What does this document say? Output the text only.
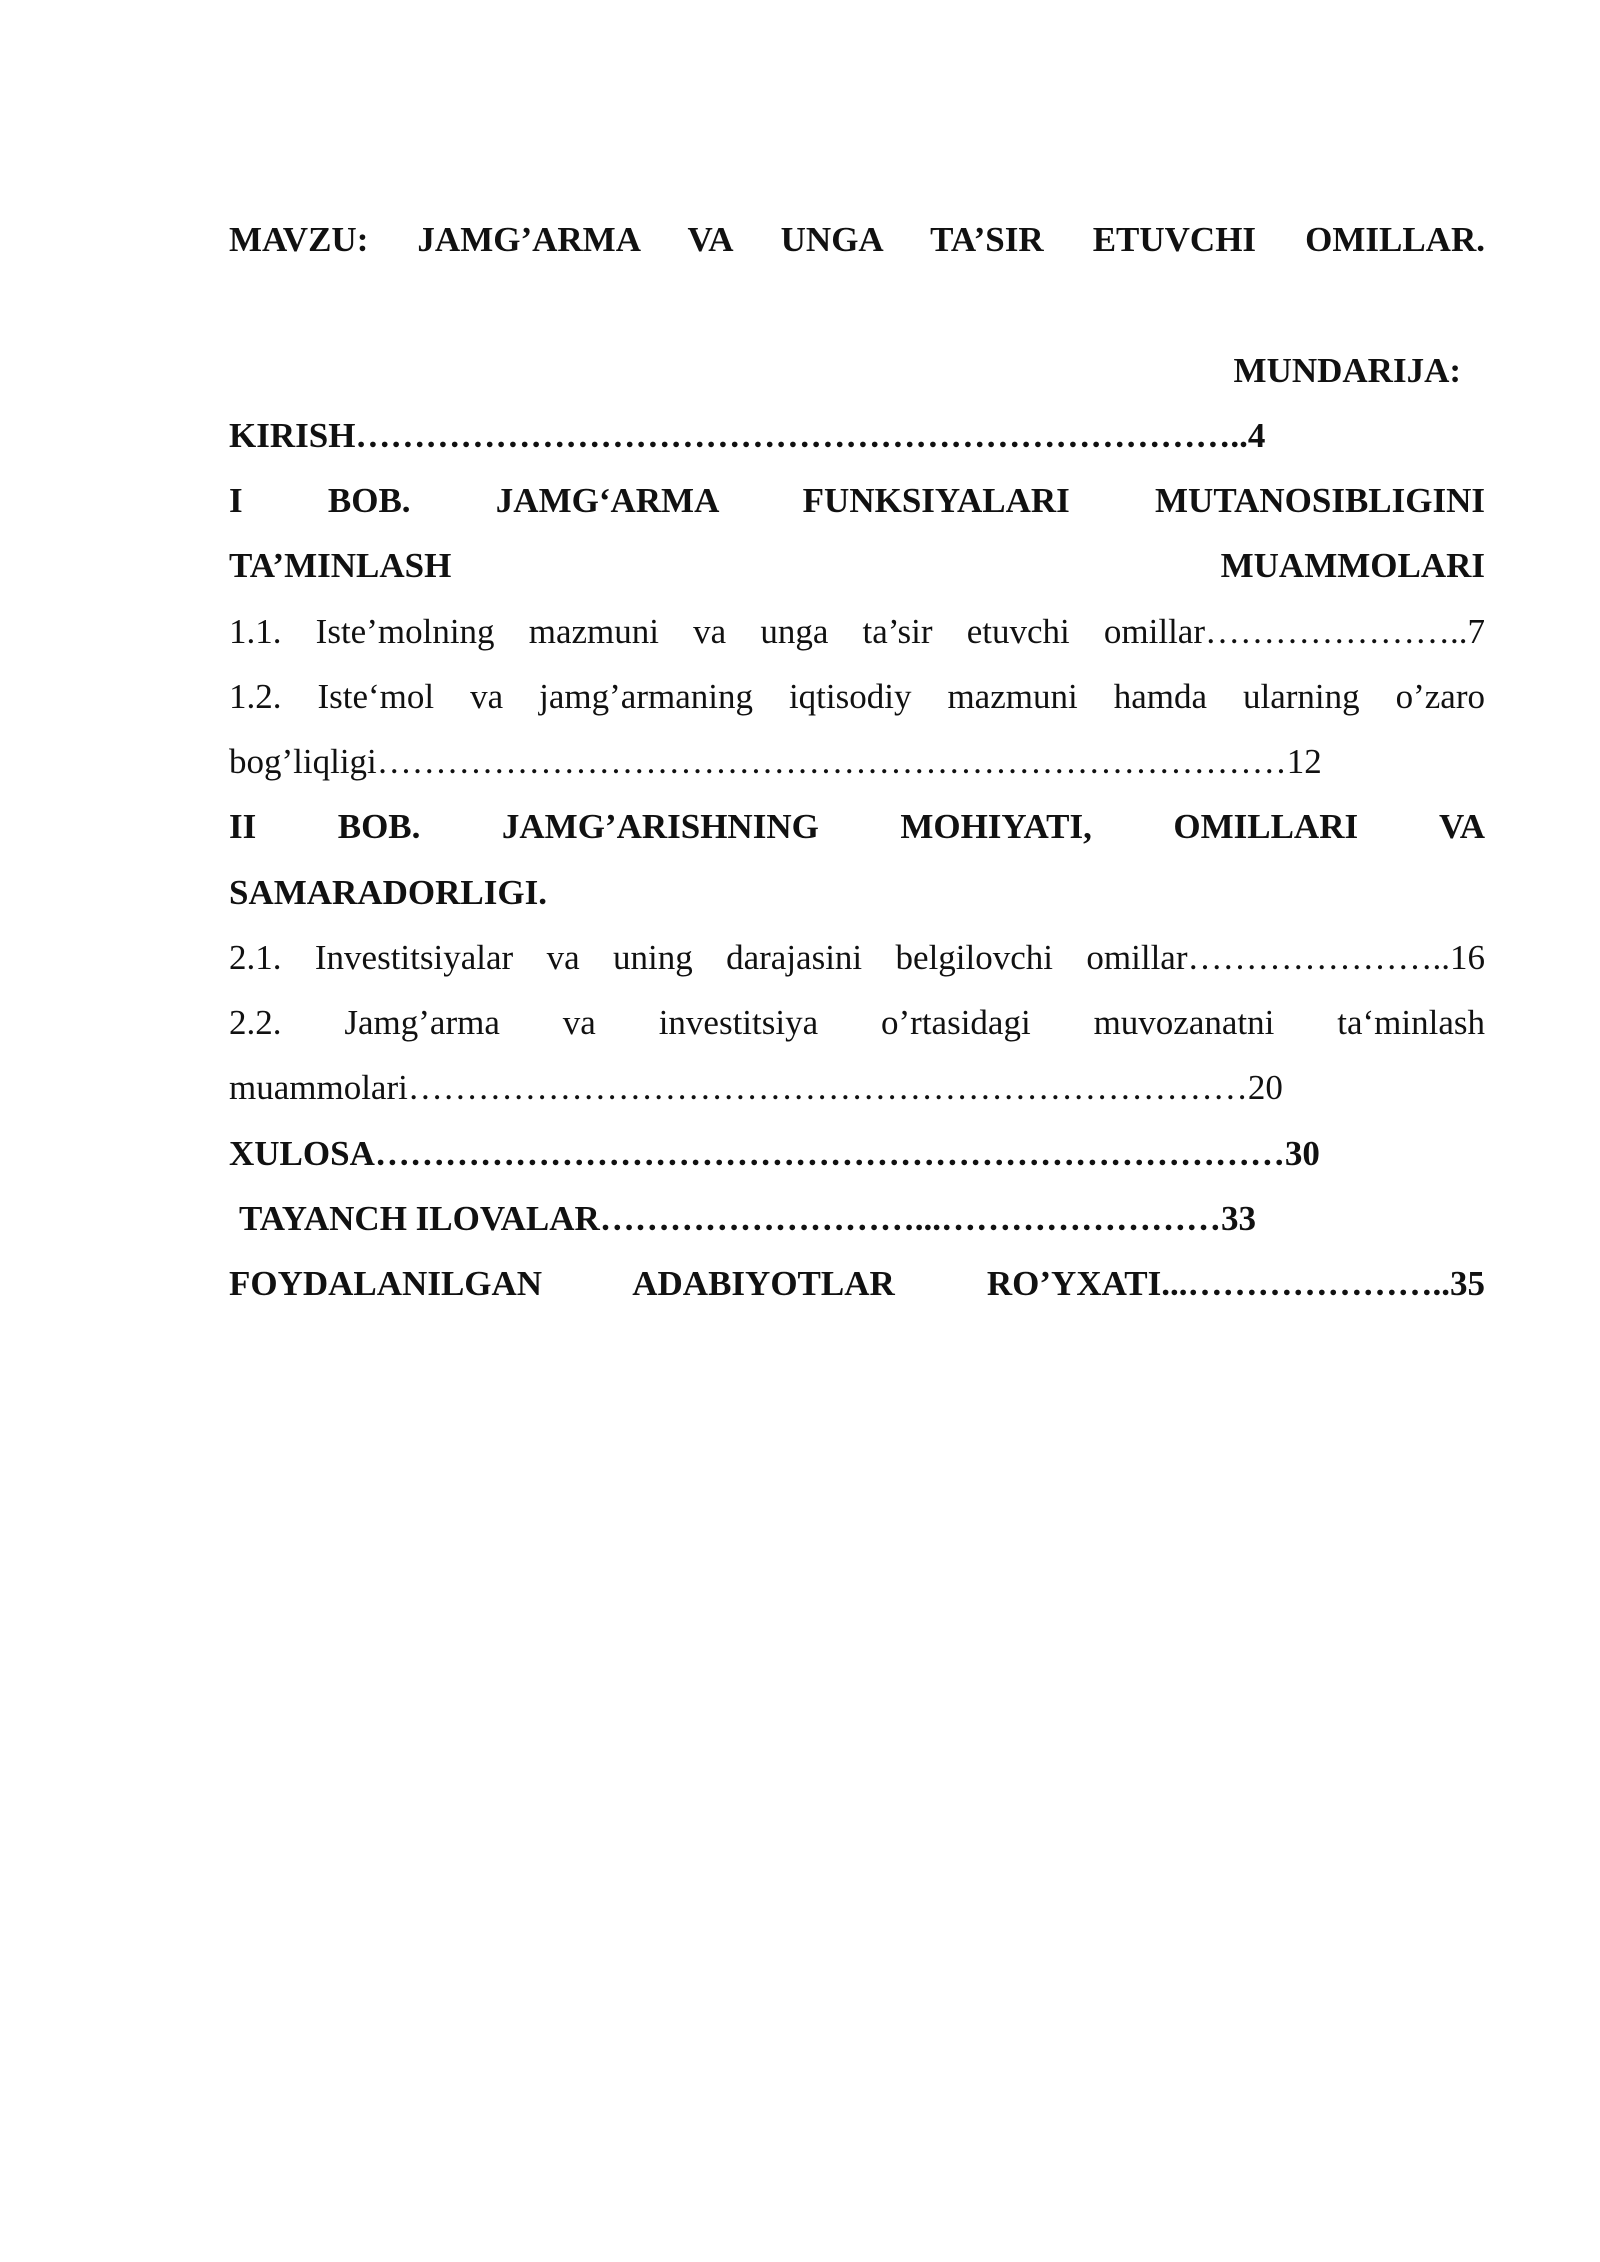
MAVZU: JAMG’ARMA VA UNGA TA’SIR ETUVCHI OMILLAR.
MUNDARIJA:
KIRISH…………………………………………………………………..4
I BOB. JAMG‘ARMA FUNKSIYALARI MUTANOSIBLIGINI
TA’MINLASH MUAMMOLARI
1.1. Iste’molning mazmuni va unga ta’sir etuvchi omillar…………………..7
1.2. Iste‘mol va jamg’armaning iqtisodiy mazmuni hamda ularning o’zaro
bog’liqligi……………………………………………………………………12
II BOB. JAMG’ARISHNING MOHIYATI, OMILLARI VA
SAMARADORLIGI.
2.1. Investitsiyalar va uning darajasini belgilovchi omillar…………………..16
2.2. Jamg’arma va investitsiya o’rtasidagi muvozanatni ta‘minlash
muammolari………………………………………………………………20
XULOSA……………………………………………………………………30
TAYANCH ILOVALAR………………………...……………………33
FOYDALANILGAN ADABIYOTLAR RO’YXATI...…………………..35
